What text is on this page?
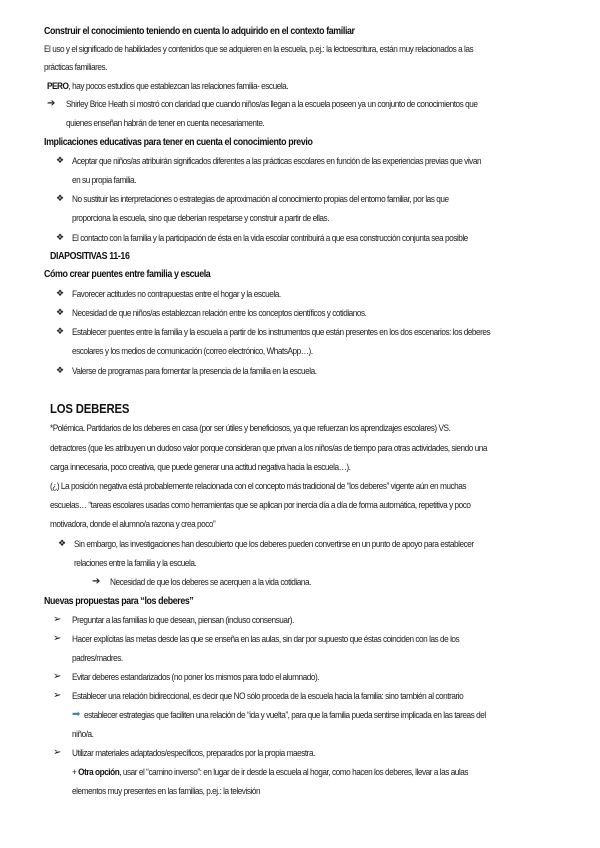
Construir el conocimiento teniendo en cuenta lo adquirido en el contexto familiar
El uso y el significado de habilidades y contenidos que se adquieren en la escuela, p.ej.: la lectoescritura, están muy relacionados a las
prácticas familiares.
PERO, hay pocos estudios que establezcan las relaciones familia- escuela.
➔ Shirley Brice Heath sí mostró con claridad que cuando niños/as llegan a la escuela poseen ya un conjunto de conocimientos que
quienes enseñan habrán de tener en cuenta necesariamente.
Implicaciones educativas para tener en cuenta el conocimiento previo
❖ Aceptar que niños/as atribuirán significados diferentes a las prácticas escolares en función de las experiencias previas que vivan
en su propia familia.
❖ No sustituir las interpretaciones o estrategias de aproximación al conocimiento propias del entorno familiar, por las que
proporciona la escuela, sino que deberían respetarse y construir a partir de ellas.
❖ El contacto con la familia y la participación de ésta en la vida escolar contribuirá a que esa construcción conjunta sea posible
DIAPOSITIVAS 11-16
Cómo crear puentes entre familia y escuela
❖ Favorecer actitudes no contrapuestas entre el hogar y la escuela.
❖ Necesidad de que niños/as establezcan relación entre los conceptos científicos y cotidianos.
❖ Establecer puentes entre la familia y la escuela a partir de los instrumentos que están presentes en los dos escenarios: los deberes
escolares y los medios de comunicación (correo electrónico, WhatsApp…).
❖ Valerse de programas para fomentar la presencia de la familia en la escuela.
LOS DEBERES
*Polémica. Partidarios de los deberes en casa (por ser útiles y beneficiosos, ya que refuerzan los aprendizajes escolares) VS.
detractores (que les atribuyen un dudoso valor porque consideran que privan a los niños/as de tiempo para otras actividades, siendo una
carga innecesaria, poco creativa, que puede generar una actitud negativa hacia la escuela…).
(¿) La posición negativa está probablemente relacionada con el concepto más tradicional de “los deberes” vigente aún en muchas
escuelas… “tareas escolares usadas como herramientas que se aplican por inercia día a día de forma automática, repetitiva y poco
motivadora, donde el alumno/a razona y crea poco”
❖ Sin embargo, las investigaciones han descubierto que los deberes pueden convertirse en un punto de apoyo para establecer
relaciones entre la familia y la escuela.
➔ Necesidad de que los deberes se acerquen a la vida cotidiana.
Nuevas propuestas para “los deberes”
➢ Preguntar a las familias lo que desean, piensan (incluso consensuar).
➢ Hacer explícitas las metas desde las que se enseña en las aulas, sin dar por supuesto que éstas coinciden con las de los
padres/madres.
➢ Evitar deberes estandarizados (no poner los mismos para todo el alumnado).
➢ Establecer una relación bidireccional, es decir que NO sólo proceda de la escuela hacia la familia: sino también al contrario
➡ establecer estrategias que faciliten una relación de “ida y vuelta”, para que la familia pueda sentirse implicada en las tareas del
niño/a.
➢ Utilizar materiales adaptados/específicos, preparados por la propia maestra.
+ Otra opción, usar el “camino inverso”: en lugar de ir desde la escuela al hogar, como hacen los deberes, llevar a las aulas
elementos muy presentes en las familias, p.ej.: la televisión
